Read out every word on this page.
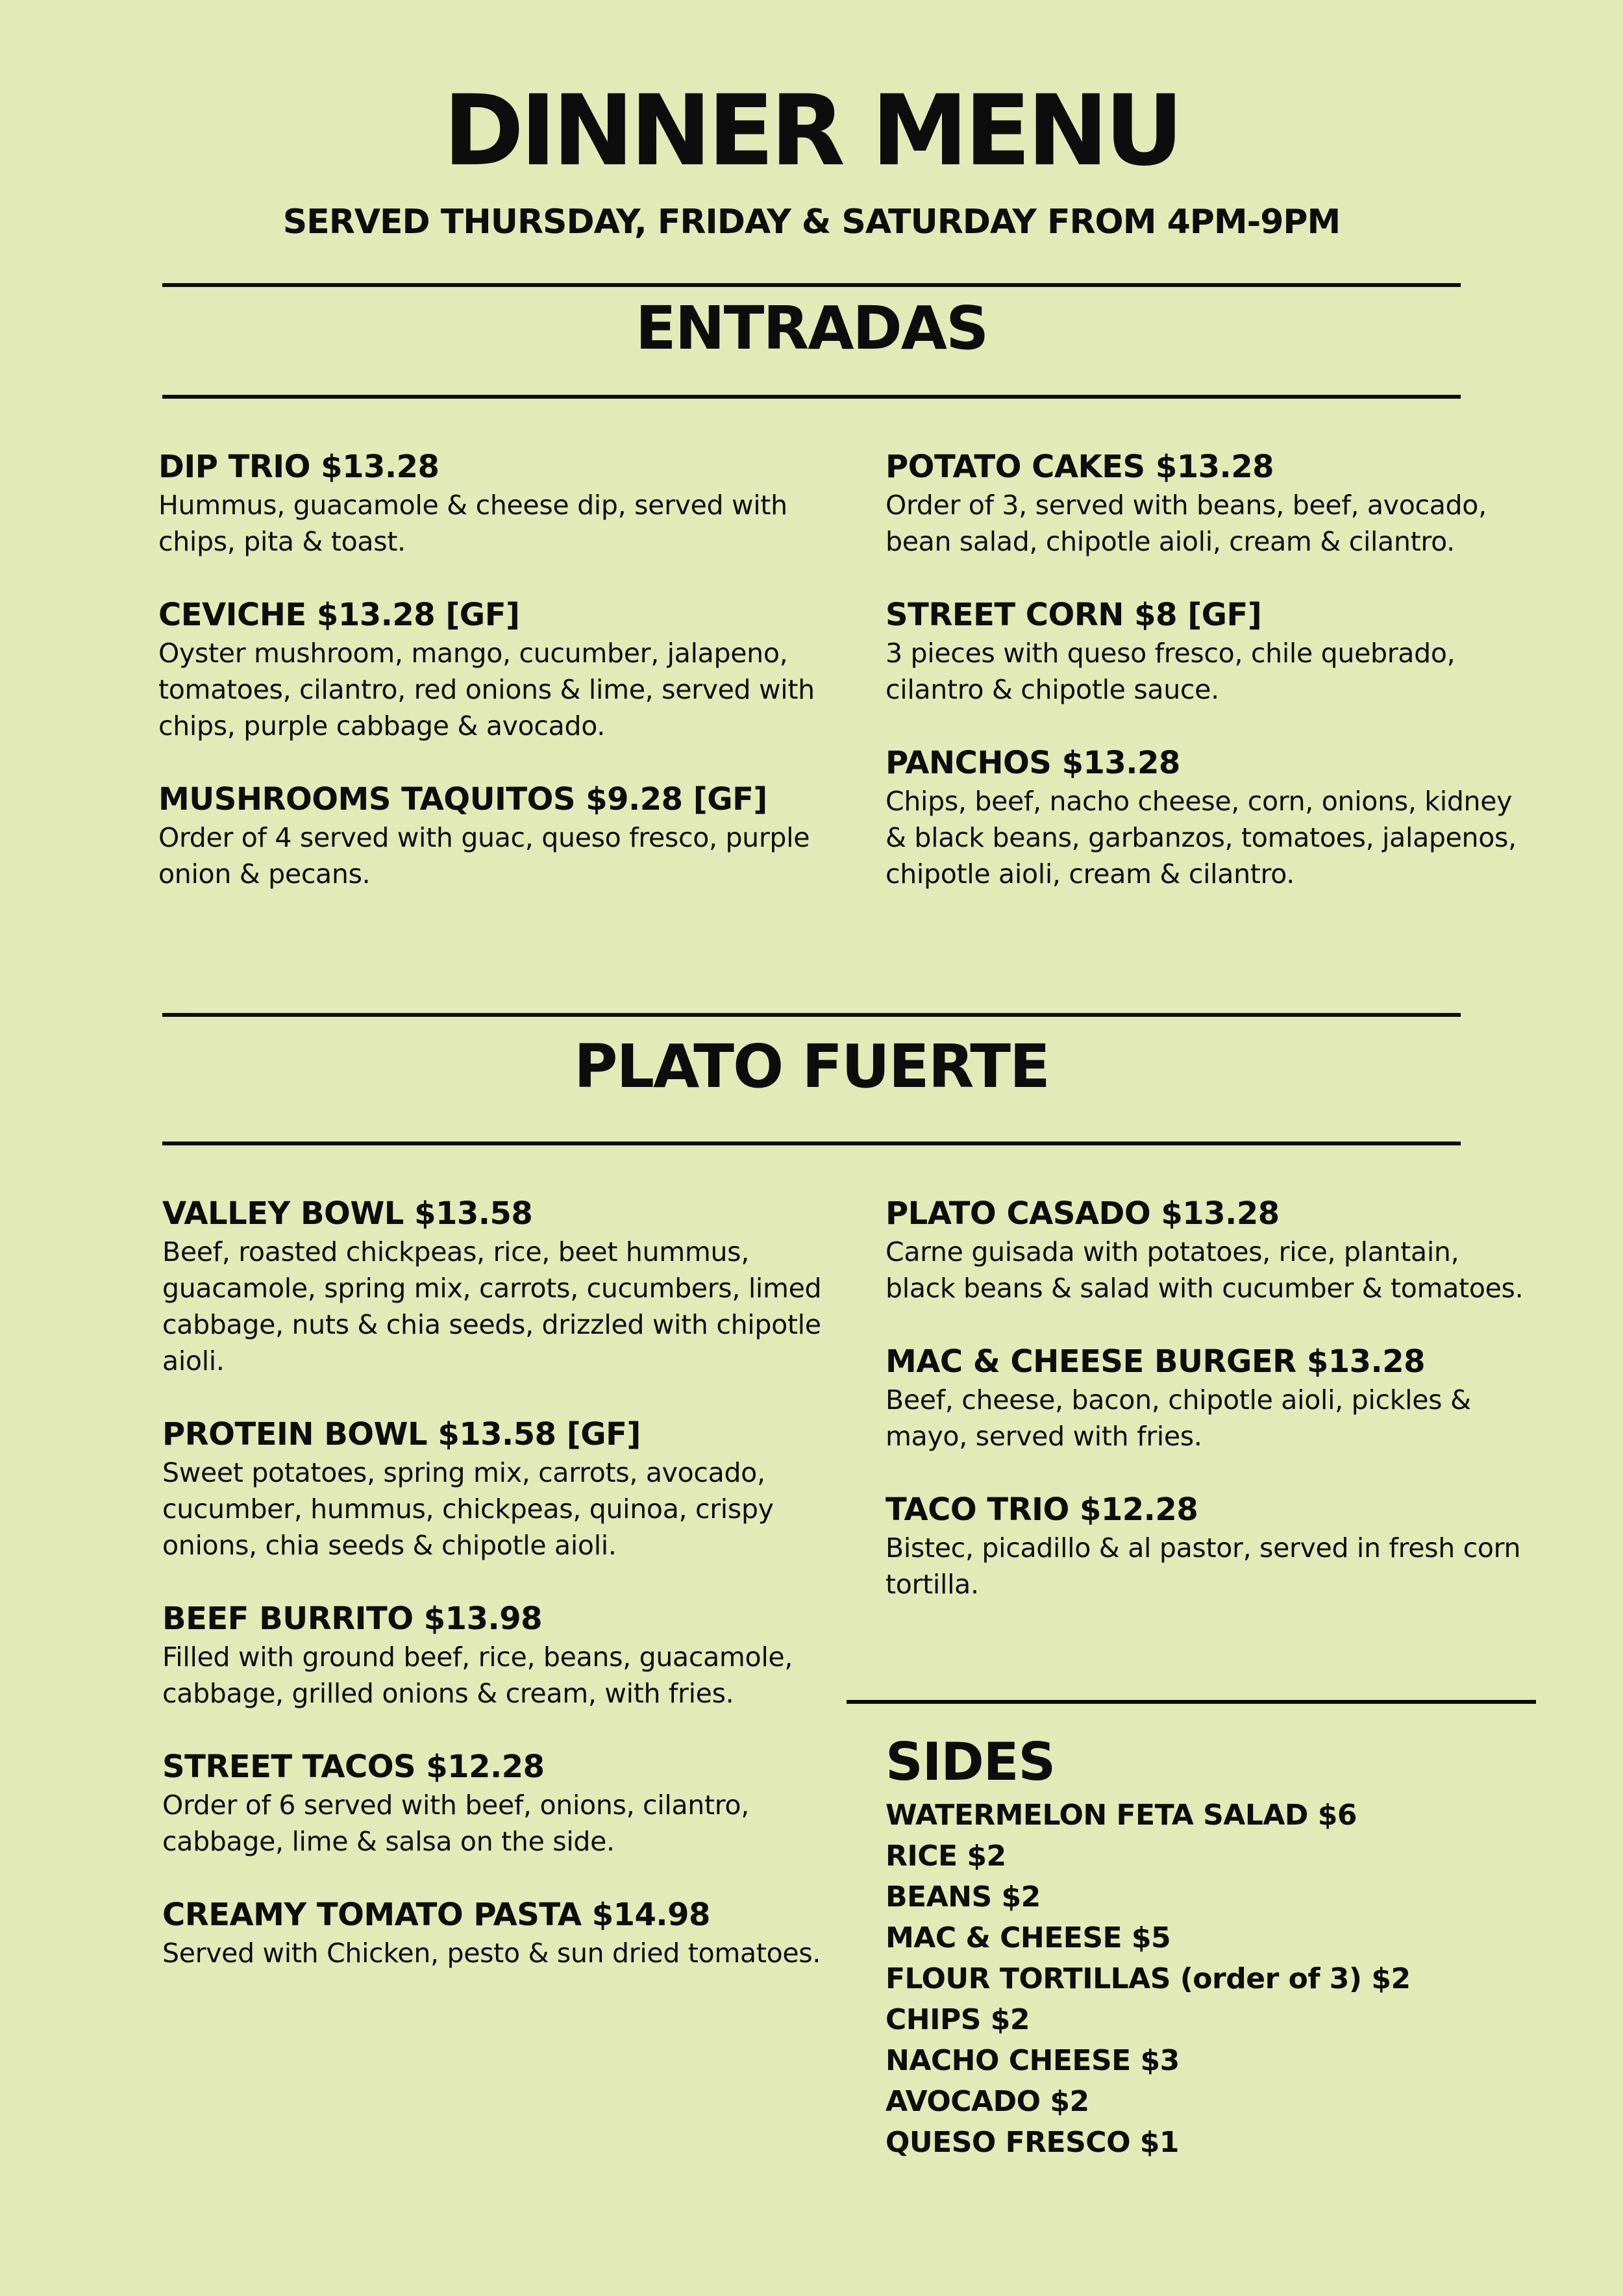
DINNER MENU
SERVED THURSDAY, FRIDAY & SATURDAY FROM 4PM-9PM
ENTRADAS
DIP TRIO $13.28
Hummus, guacamole & cheese dip, served with chips, pita & toast.
CEVICHE $13.28 [GF]
Oyster mushroom, mango, cucumber, jalapeno, tomatoes, cilantro, red onions & lime, served with chips, purple cabbage & avocado.
MUSHROOMS TAQUITOS $9.28 [GF]
Order of 4 served with guac, queso fresco, purple onion & pecans.
POTATO CAKES $13.28
Order of 3, served with beans, beef, avocado, bean salad, chipotle aioli, cream & cilantro.
STREET CORN $8 [GF]
3 pieces with queso fresco, chile quebrado, cilantro & chipotle sauce.
PANCHOS $13.28
Chips, beef, nacho cheese, corn, onions, kidney & black beans, garbanzos, tomatoes, jalapenos, chipotle aioli, cream & cilantro.
PLATO FUERTE
VALLEY BOWL $13.58
Beef, roasted chickpeas, rice, beet hummus, guacamole, spring mix, carrots, cucumbers, limed cabbage, nuts & chia seeds, drizzled with chipotle aioli.
PROTEIN BOWL $13.58 [GF]
Sweet potatoes, spring mix, carrots, avocado, cucumber, hummus, chickpeas, quinoa, crispy onions, chia seeds & chipotle aioli.
BEEF BURRITO $13.98
Filled with ground beef, rice, beans, guacamole, cabbage, grilled onions & cream, with fries.
STREET TACOS $12.28
Order of 6 served with beef, onions, cilantro, cabbage, lime & salsa on the side.
CREAMY TOMATO PASTA $14.98
Served with Chicken, pesto & sun dried tomatoes.
PLATO CASADO $13.28
Carne guisada with potatoes, rice, plantain, black beans & salad with cucumber & tomatoes.
MAC & CHEESE BURGER $13.28
Beef, cheese, bacon, chipotle aioli, pickles & mayo, served with fries.
TACO TRIO $12.28
Bistec, picadillo & al pastor, served in fresh corn tortilla.
SIDES
WATERMELON FETA SALAD $6
RICE $2
BEANS $2
MAC & CHEESE $5
FLOUR TORTILLAS (order of 3) $2
CHIPS $2
NACHO CHEESE $3
AVOCADO $2
QUESO FRESCO $1
